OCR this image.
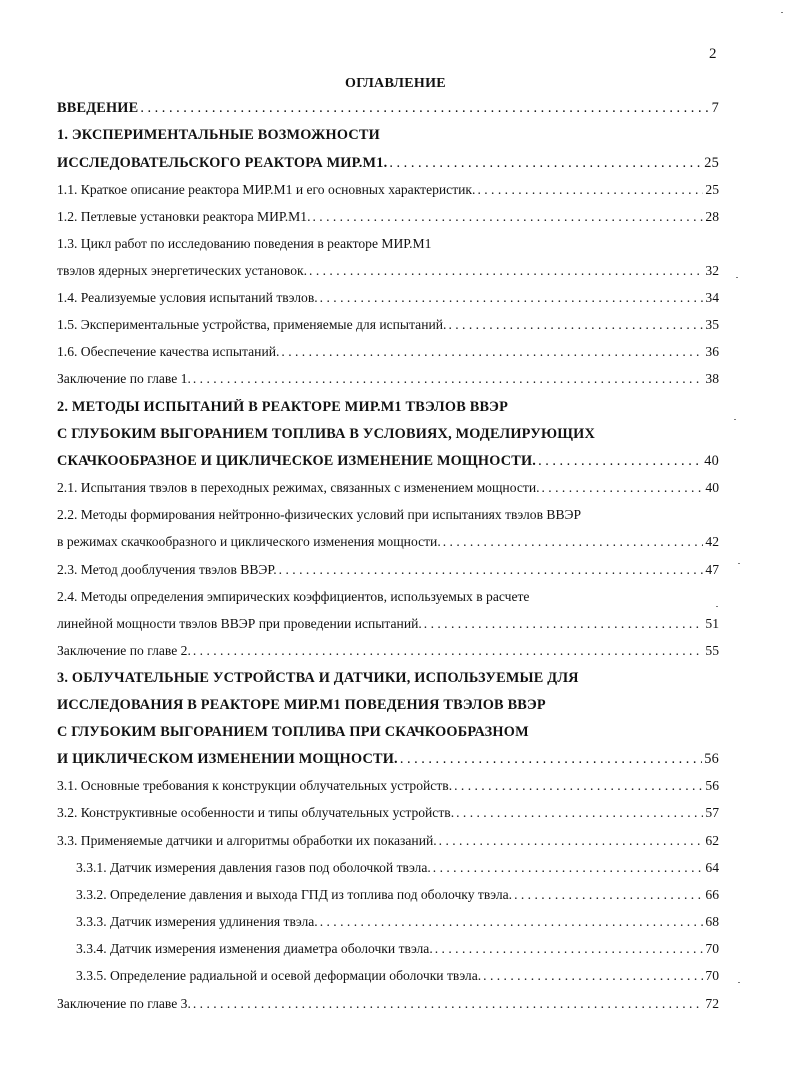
2
ОГЛАВЛЕНИЕ
ВВЕДЕНИЕ . . .	7
1. ЭКСПЕРИМЕНТАЛЬНЫЕ ВОЗМОЖНОСТИ
ИССЛЕДОВАТЕЛЬСКОГО РЕАКТОРА МИР.М1. . . .	25
1.1. Краткое описание реактора МИР.М1 и его основных характеристик. . . .	25
1.2. Петлевые установки реактора МИР.М1. . . .	28
1.3. Цикл работ по исследованию поведения в реакторе МИР.М1
твэлов ядерных энергетических установок. . . .	32
1.4. Реализуемые условия испытаний твэлов. . . .	34
1.5. Экспериментальные устройства, применяемые для испытаний. . . .	35
1.6. Обеспечение качества испытаний. . . .	36
Заключение по главе 1. . . .	38
2. МЕТОДЫ ИСПЫТАНИЙ В РЕАКТОРЕ МИР.М1 ТВЭЛОВ ВВЭР
С ГЛУБОКИМ ВЫГОРАНИЕМ ТОПЛИВА В УСЛОВИЯХ, МОДЕЛИРУЮЩИХ
СКАЧКООБРАЗНОЕ И ЦИКЛИЧЕСКОЕ ИЗМЕНЕНИЕ МОЩНОСТИ. . . .	40
2.1. Испытания твэлов в переходных режимах, связанных с изменением мощности. . . .	40
2.2. Методы формирования нейтронно-физических условий при испытаниях твэлов ВВЭР
в режимах скачкообразного и циклического изменения мощности. . . .	42
2.3. Метод дооблучения твэлов ВВЭР. . . .	47
2.4. Методы определения эмпирических коэффициентов, используемых в расчете
линейной мощности твэлов ВВЭР при проведении испытаний. . . .	51
Заключение по главе 2. . . .	55
3. ОБЛУЧАТЕЛЬНЫЕ УСТРОЙСТВА И ДАТЧИКИ, ИСПОЛЬЗУЕМЫЕ ДЛЯ
ИССЛЕДОВАНИЯ В РЕАКТОРЕ МИР.М1 ПОВЕДЕНИЯ ТВЭЛОВ ВВЭР
С ГЛУБОКИМ ВЫГОРАНИЕМ ТОПЛИВА ПРИ СКАЧКООБРАЗНОМ
И ЦИКЛИЧЕСКОМ ИЗМЕНЕНИИ МОЩНОСТИ. . . .	56
3.1. Основные требования к конструкции облучательных устройств. . . .	56
3.2. Конструктивные особенности и типы облучательных устройств. . . .	57
3.3. Применяемые датчики и алгоритмы обработки их показаний. . . .	62
3.3.1. Датчик измерения давления газов под оболочкой твэла. . . .	64
3.3.2. Определение давления и выхода ГПД из топлива под оболочку твэла. . . .	66
3.3.3. Датчик измерения удлинения твэла. . . .	68
3.3.4. Датчик измерения изменения диаметра оболочки твэла. . . .	70
3.3.5. Определение радиальной и осевой деформации оболочки твэла. . . .	70
Заключение по главе 3. . . .	72
